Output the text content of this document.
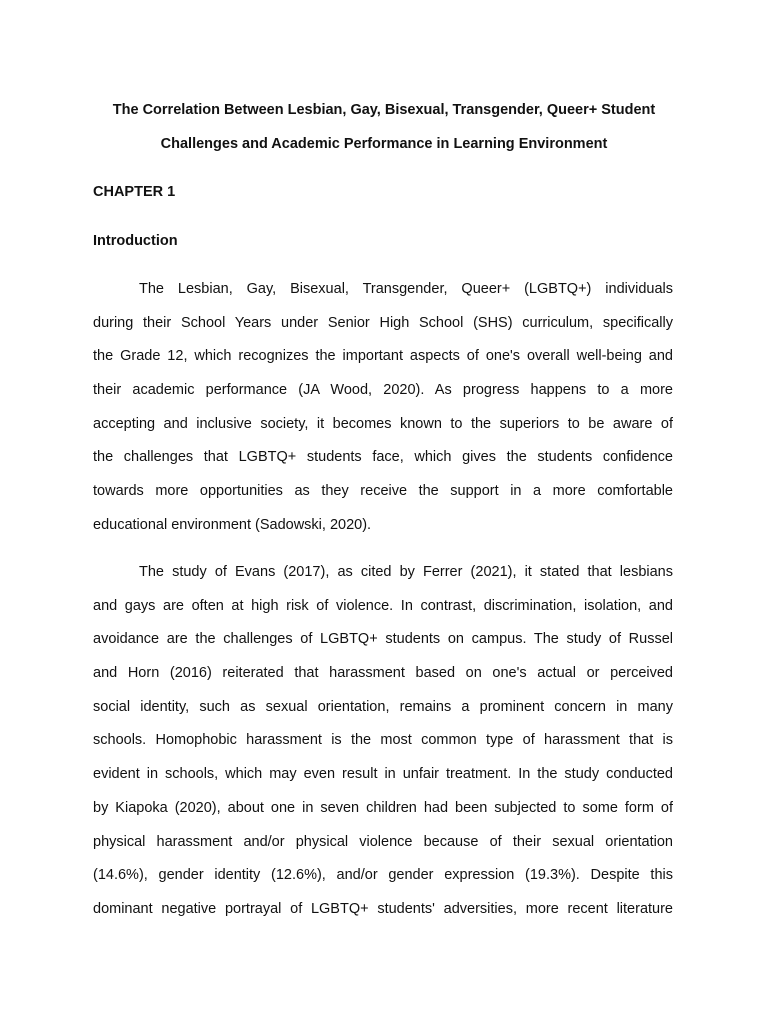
The Correlation Between Lesbian, Gay, Bisexual, Transgender, Queer+ Student
Challenges and Academic Performance in Learning Environment
CHAPTER 1
Introduction
The Lesbian, Gay, Bisexual, Transgender, Queer+ (LGBTQ+) individuals
during their School Years under Senior High School (SHS) curriculum, specifically
the Grade 12, which recognizes the important aspects of one's overall well-being and
their academic performance (JA Wood, 2020). As progress happens to a more
accepting and inclusive society, it becomes known to the superiors to be aware of
the challenges that LGBTQ+ students face, which gives the students confidence
towards more opportunities as they receive the support in a more comfortable
educational environment (Sadowski, 2020).
The study of Evans (2017), as cited by Ferrer (2021), it stated that lesbians
and gays are often at high risk of violence. In contrast, discrimination, isolation, and
avoidance are the challenges of LGBTQ+ students on campus. The study of Russel
and Horn (2016) reiterated that harassment based on one's actual or perceived
social identity, such as sexual orientation, remains a prominent concern in many
schools. Homophobic harassment is the most common type of harassment that is
evident in schools, which may even result in unfair treatment. In the study conducted
by Kiapoka (2020), about one in seven children had been subjected to some form of
physical harassment and/or physical violence because of their sexual orientation
(14.6%), gender identity (12.6%), and/or gender expression (19.3%). Despite this
dominant negative portrayal of LGBTQ+ students' adversities, more recent literature
